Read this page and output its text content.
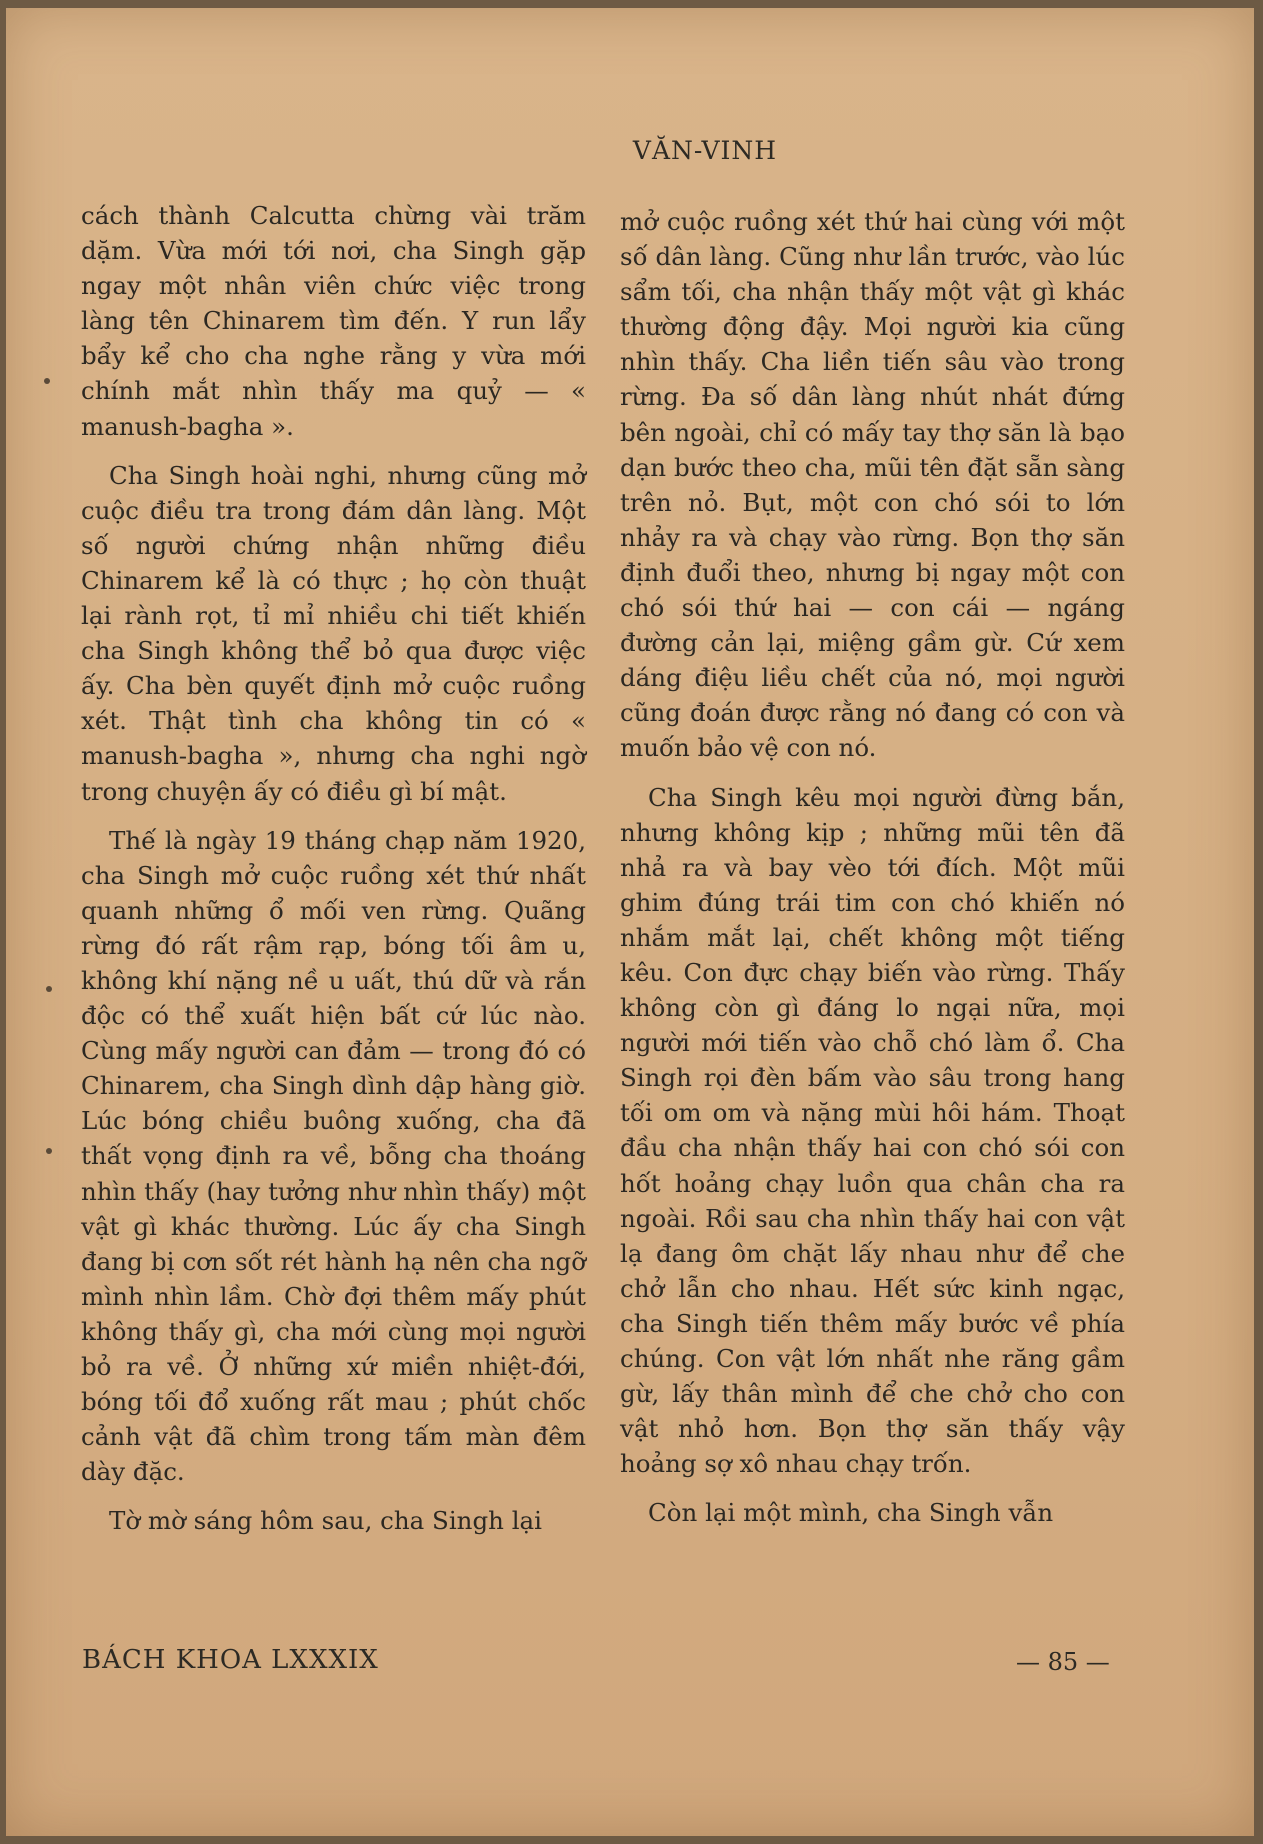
VĂN-VINH

cách thành Calcutta chừng vài trăm dặm. Vừa mới tới nơi, cha Singh gặp ngay một nhân viên chức việc trong làng tên Chinarem tìm đến. Y run lẩy bẩy kể cho cha nghe rằng y vừa mới chính mắt nhìn thấy ma quỷ — « manush-bagha ».

Cha Singh hoài nghi, nhưng cũng mở cuộc điều tra trong đám dân làng. Một số người chứng nhận những điều Chinarem kể là có thực ; họ còn thuật lại rành rọt, tỉ mỉ nhiều chi tiết khiến cha Singh không thể bỏ qua được việc ấy. Cha bèn quyết định mở cuộc ruồng xét. Thật tình cha không tin có « manush-bagha », nhưng cha nghi ngờ trong chuyện ấy có điều gì bí mật.

Thế là ngày 19 tháng chạp năm 1920, cha Singh mở cuộc ruồng xét thứ nhất quanh những ổ mối ven rừng. Quãng rừng đó rất rậm rạp, bóng tối âm u, không khí nặng nề u uất, thú dữ và rắn độc có thể xuất hiện bất cứ lúc nào. Cùng mấy người can đảm — trong đó có Chinarem, cha Singh dình dập hàng giờ. Lúc bóng chiều buông xuống, cha đã thất vọng định ra về, bỗng cha thoáng nhìn thấy (hay tưởng như nhìn thấy) một vật gì khác thường. Lúc ấy cha Singh đang bị cơn sốt rét hành hạ nên cha ngỡ mình nhìn lầm. Chờ đợi thêm mấy phút không thấy gì, cha mới cùng mọi người bỏ ra về. Ở những xứ miền nhiệt-đới, bóng tối đổ xuống rất mau ; phút chốc cảnh vật đã chìm trong tấm màn đêm dày đặc.

Tờ mờ sáng hôm sau, cha Singh lại

mở cuộc ruồng xét thứ hai cùng với một số dân làng. Cũng như lần trước, vào lúc sẩm tối, cha nhận thấy một vật gì khác thường động đậy. Mọi người kia cũng nhìn thấy. Cha liền tiến sâu vào trong rừng. Đa số dân làng nhút nhát đứng bên ngoài, chỉ có mấy tay thợ săn là bạo dạn bước theo cha, mũi tên đặt sẵn sàng trên nỏ. Bụt, một con chó sói to lớn nhảy ra và chạy vào rừng. Bọn thợ săn định đuổi theo, nhưng bị ngay một con chó sói thứ hai — con cái — ngáng đường cản lại, miệng gầm gừ. Cứ xem dáng điệu liều chết của nó, mọi người cũng đoán được rằng nó đang có con và muốn bảo vệ con nó.

Cha Singh kêu mọi người đừng bắn, nhưng không kịp ; những mũi tên đã nhả ra và bay vèo tới đích. Một mũi ghim đúng trái tim con chó khiến nó nhắm mắt lại, chết không một tiếng kêu. Con đực chạy biến vào rừng. Thấy không còn gì đáng lo ngại nữa, mọi người mới tiến vào chỗ chó làm ổ. Cha Singh rọi đèn bấm vào sâu trong hang tối om om và nặng mùi hôi hám. Thoạt đầu cha nhận thấy hai con chó sói con hốt hoảng chạy luồn qua chân cha ra ngoài. Rồi sau cha nhìn thấy hai con vật lạ đang ôm chặt lấy nhau như để che chở lẫn cho nhau. Hết sức kinh ngạc, cha Singh tiến thêm mấy bước về phía chúng. Con vật lớn nhất nhe răng gầm gừ, lấy thân mình để che chở cho con vật nhỏ hơn. Bọn thợ săn thấy vậy hoảng sợ xô nhau chạy trốn.

Còn lại một mình, cha Singh vẫn

BÁCH KHOA LXXXIX	— 85 —
